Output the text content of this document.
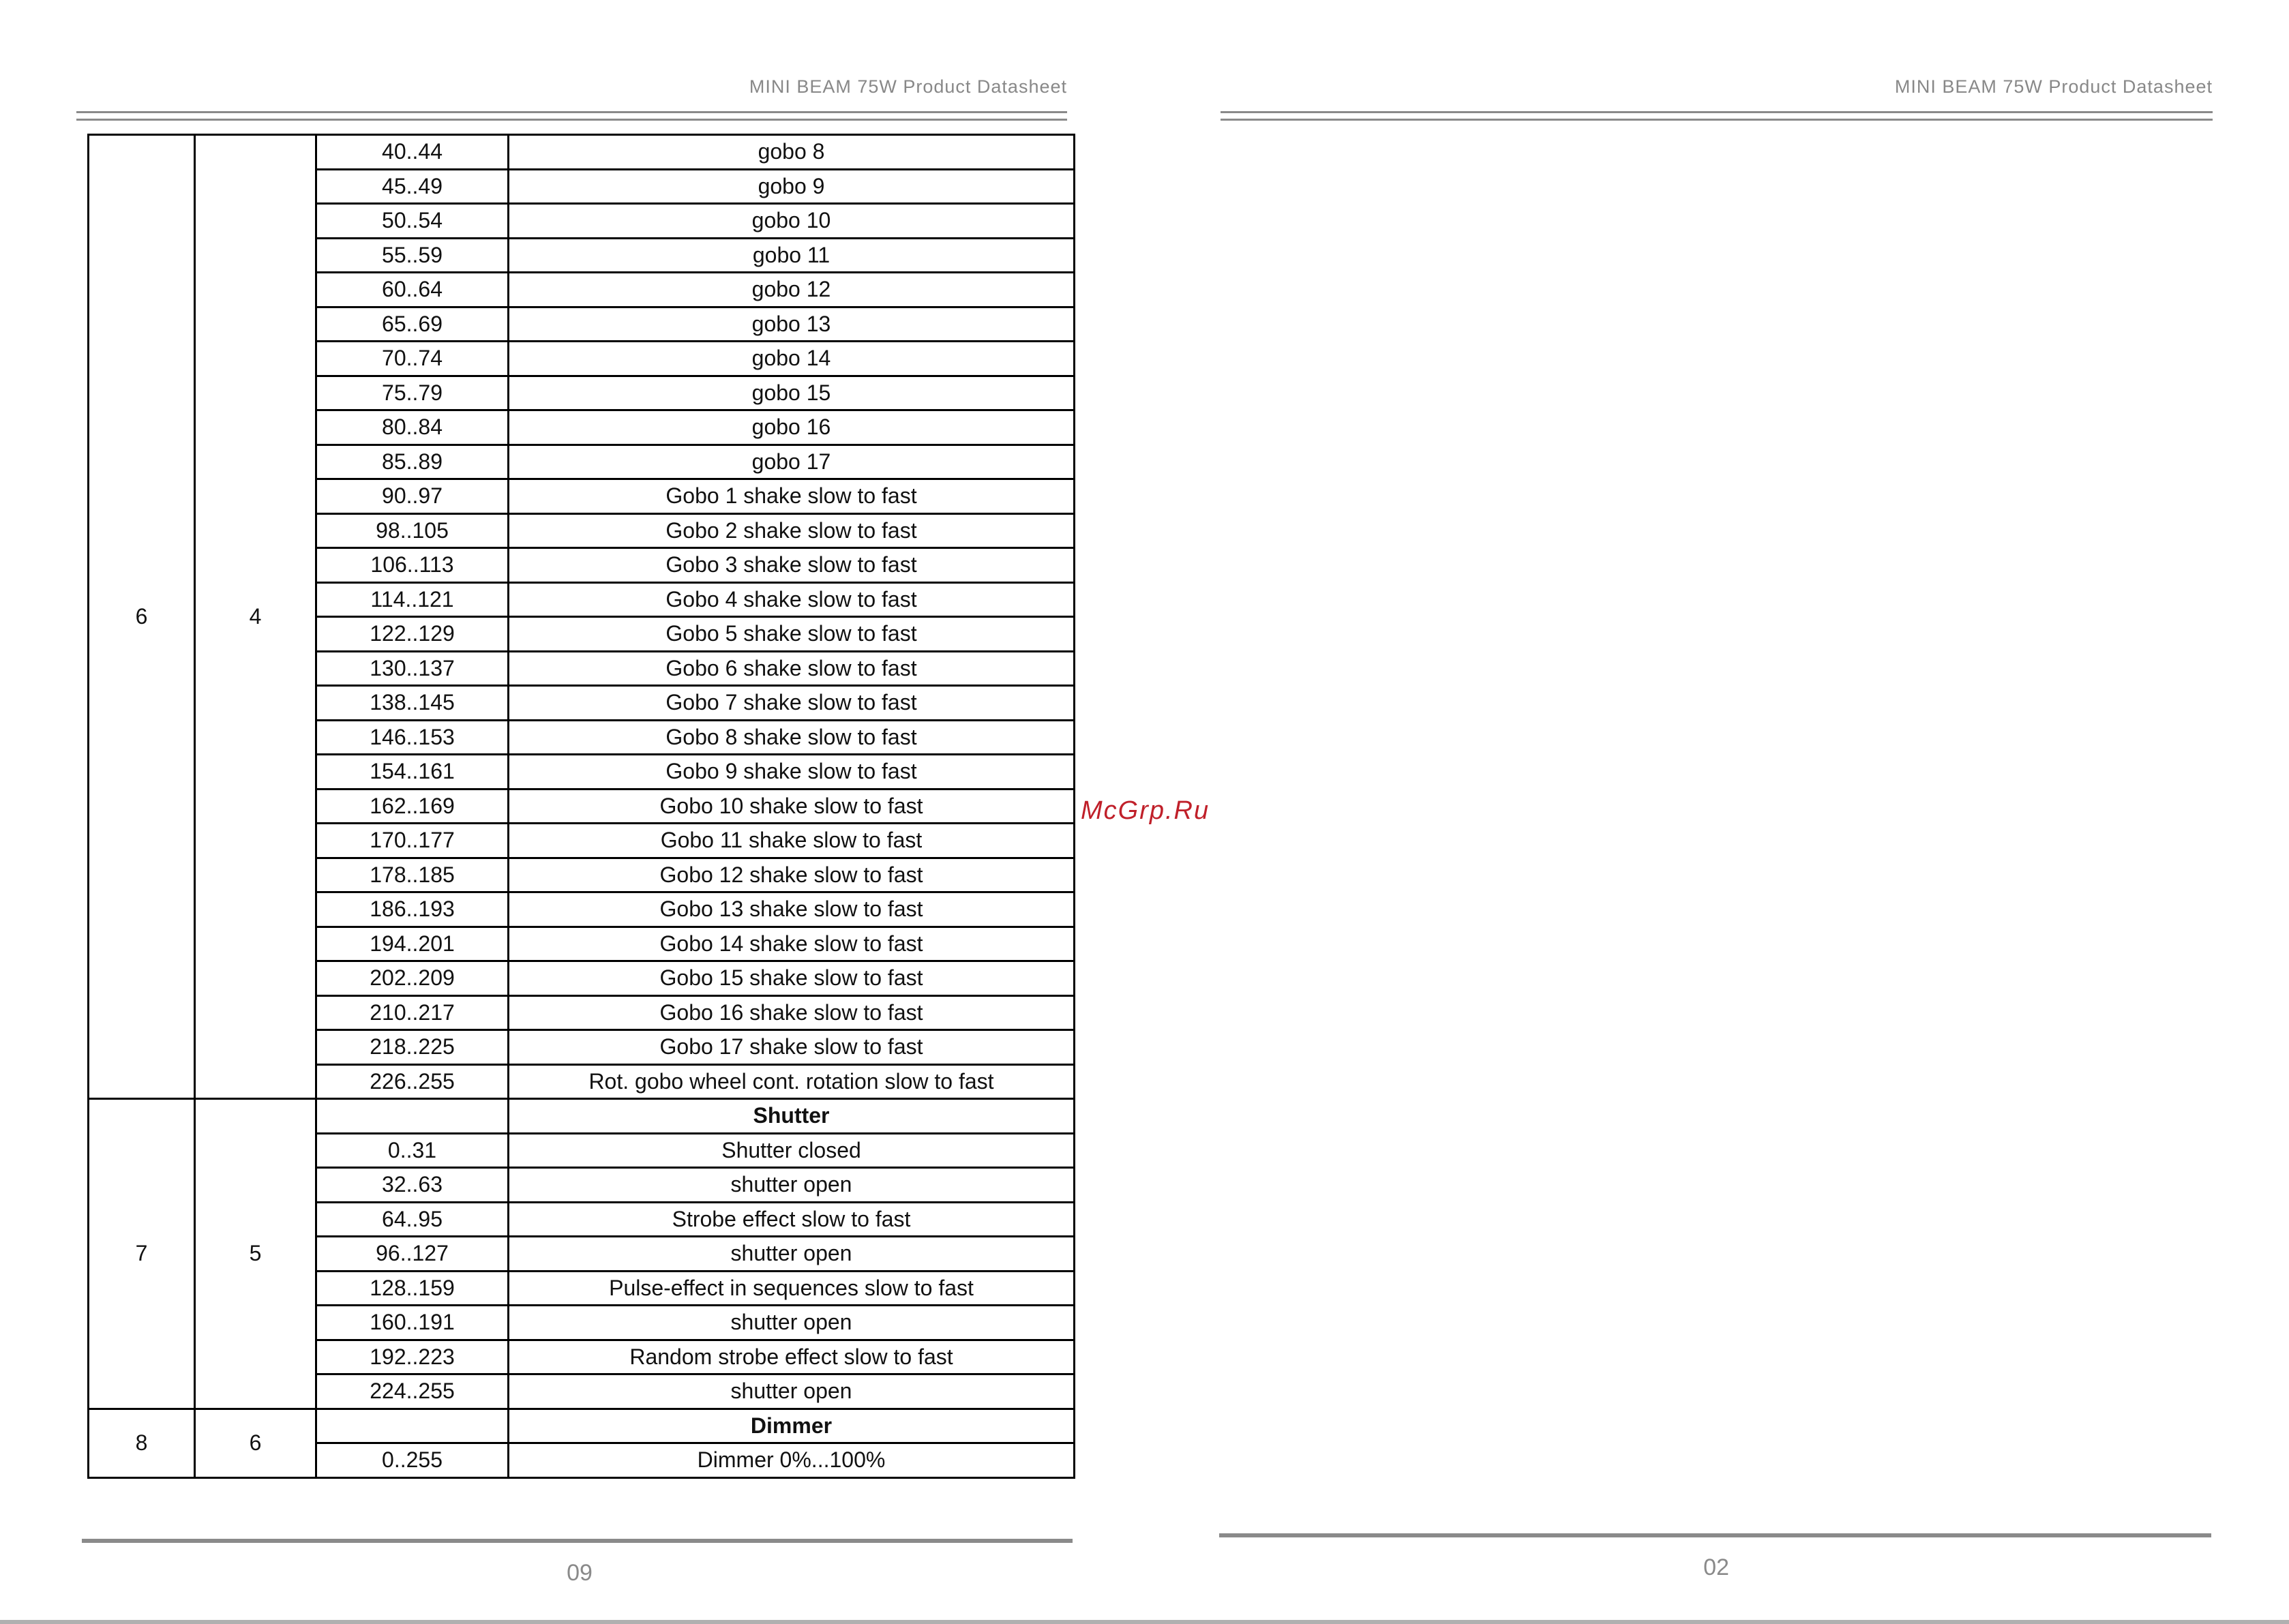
MINI BEAM 75W Product Datasheet	MINI BEAM 75W Product Datasheet
6	4	40..44	gobo 8
		45..49	gobo 9
		50..54	gobo 10
		55..59	gobo 11
		60..64	gobo 12
		65..69	gobo 13
		70..74	gobo 14
		75..79	gobo 15
		80..84	gobo 16
		85..89	gobo 17
		90..97	Gobo 1 shake slow to fast
		98..105	Gobo 2 shake slow to fast
		106..113	Gobo 3 shake slow to fast
		114..121	Gobo 4 shake slow to fast
		122..129	Gobo 5 shake slow to fast
		130..137	Gobo 6 shake slow to fast
		138..145	Gobo 7 shake slow to fast
		146..153	Gobo 8 shake slow to fast
		154..161	Gobo 9 shake slow to fast
		162..169	Gobo 10 shake slow to fast
		170..177	Gobo 11 shake slow to fast
		178..185	Gobo 12 shake slow to fast
		186..193	Gobo 13 shake slow to fast
		194..201	Gobo 14 shake slow to fast
		202..209	Gobo 15 shake slow to fast
		210..217	Gobo 16 shake slow to fast
		218..225	Gobo 17 shake slow to fast
		226..255	Rot. gobo wheel cont. rotation slow to fast
7	5		Shutter
		0..31	Shutter closed
		32..63	shutter open
		64..95	Strobe effect slow to fast
		96..127	shutter open
		128..159	Pulse-effect in sequences slow to fast
		160..191	shutter open
		192..223	Random strobe effect slow to fast
		224..255	shutter open
8	6		Dimmer
		0..255	Dimmer 0%...100%
McGrp.Ru
09	02
